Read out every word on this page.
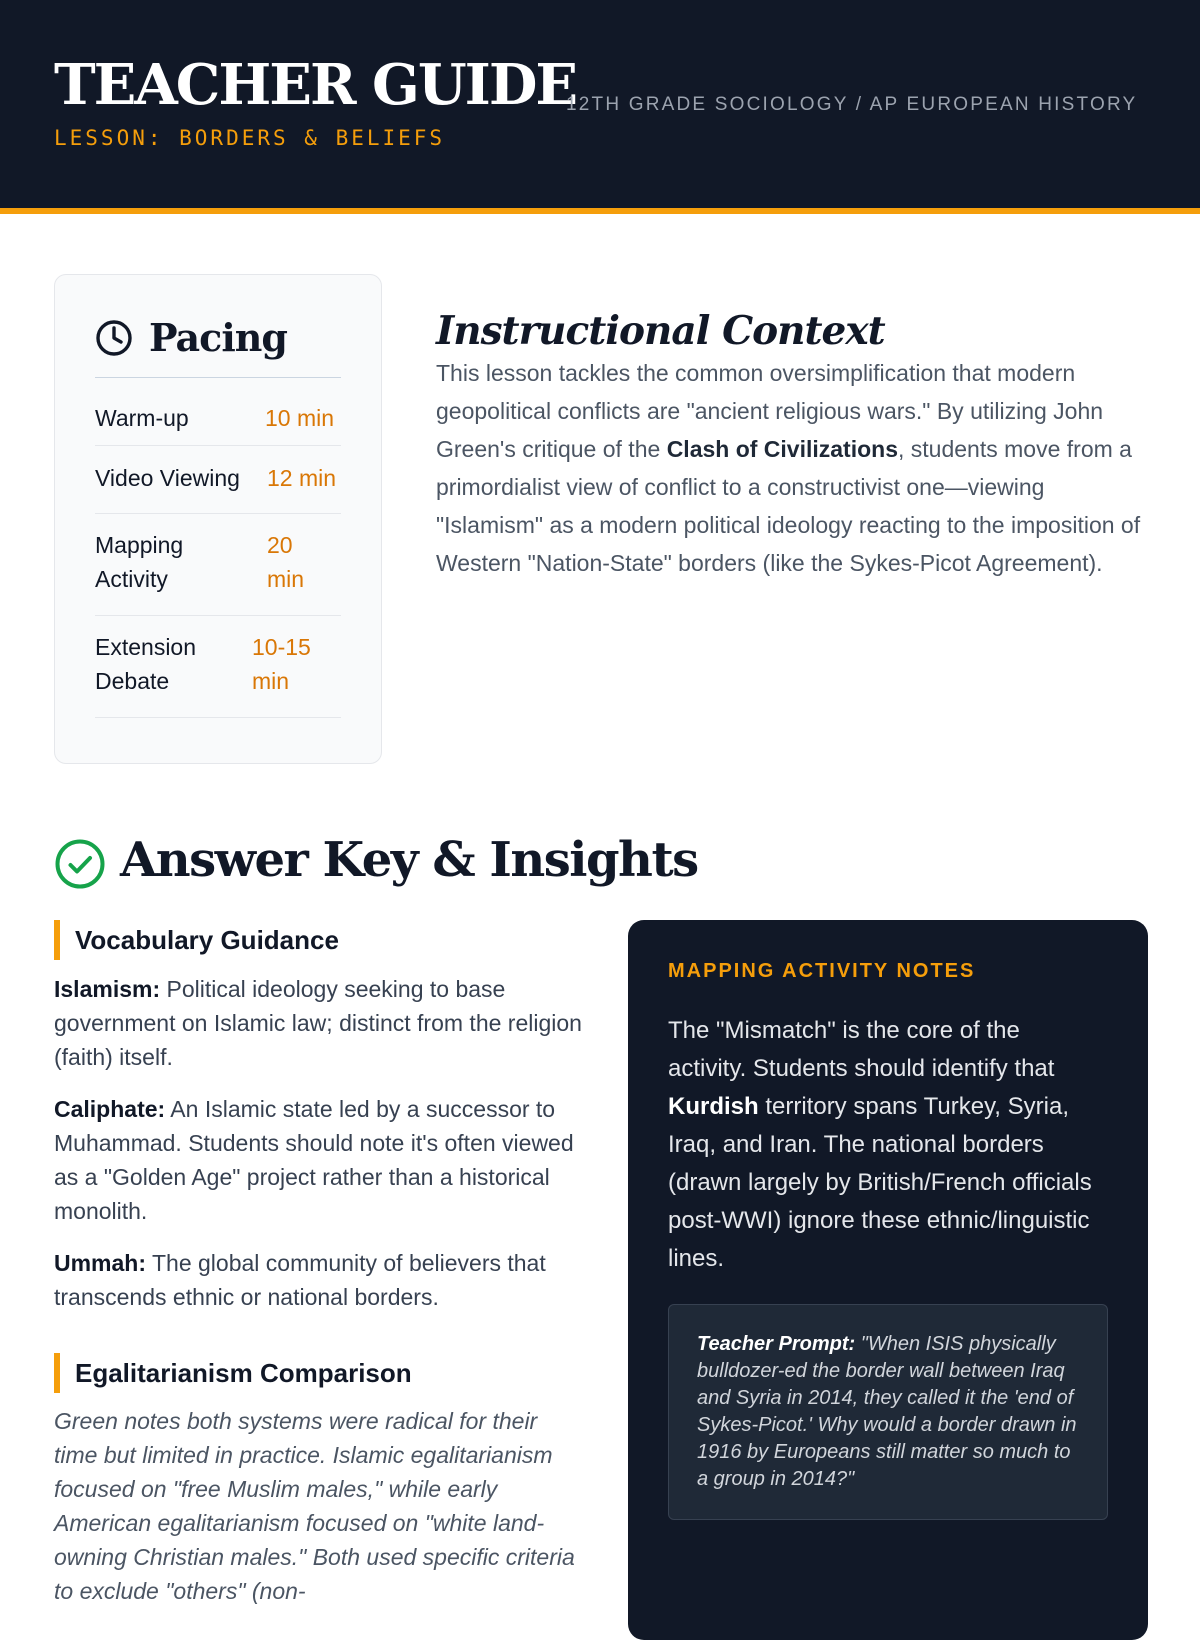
TEACHER GUIDE
LESSON: BORDERS & BELIEFS
12TH GRADE SOCIOLOGY / AP EUROPEAN HISTORY
Pacing
Warm-up	10 min
Video Viewing 12 min
Mapping Activity
20 min
Extension Debate
10-15 min
Instructional Context

This lesson tackles the common oversimplification that modern geopolitical conflicts are "ancient religious wars." By utilizing John Green's critique of the Clash of Civilizations, students move from a primordialist view of conflict to a constructivist one—viewing "Islamism" as a modern political ideology reacting to the imposition of Western "Nation-State" borders (like the Sykes-Picot Agreement).

Answer Key & Insights
Vocabulary Guidance

Islamism: Political ideology seeking to base government on Islamic law; distinct from the religion (faith) itself.

Caliphate: An Islamic state led by a successor to Muhammad. Students should note it's often viewed as a "Golden Age" project rather than a historical monolith.

Ummah: The global community of believers that transcends ethnic or national borders.

Egalitarianism Comparison

Green notes both systems were radical for their time but limited in practice. Islamic egalitarianism focused on "free Muslim males," while early American egalitarianism focused on "white land-owning Christian males." Both used specific criteria to exclude "others" (non-

MAPPING ACTIVITY NOTES

The "Mismatch" is the core of the activity. Students should identify that Kurdish territory spans Turkey, Syria, Iraq, and Iran. The national borders (drawn largely by British/French officials post-WWI) ignore these ethnic/linguistic lines.

Teacher Prompt: "When ISIS physically bulldozer-ed the border wall between Iraq and Syria in 2014, they called it the 'end of Sykes-Picot.' Why would a border drawn in 1916 by Europeans still matter so much to a group in 2014?"
